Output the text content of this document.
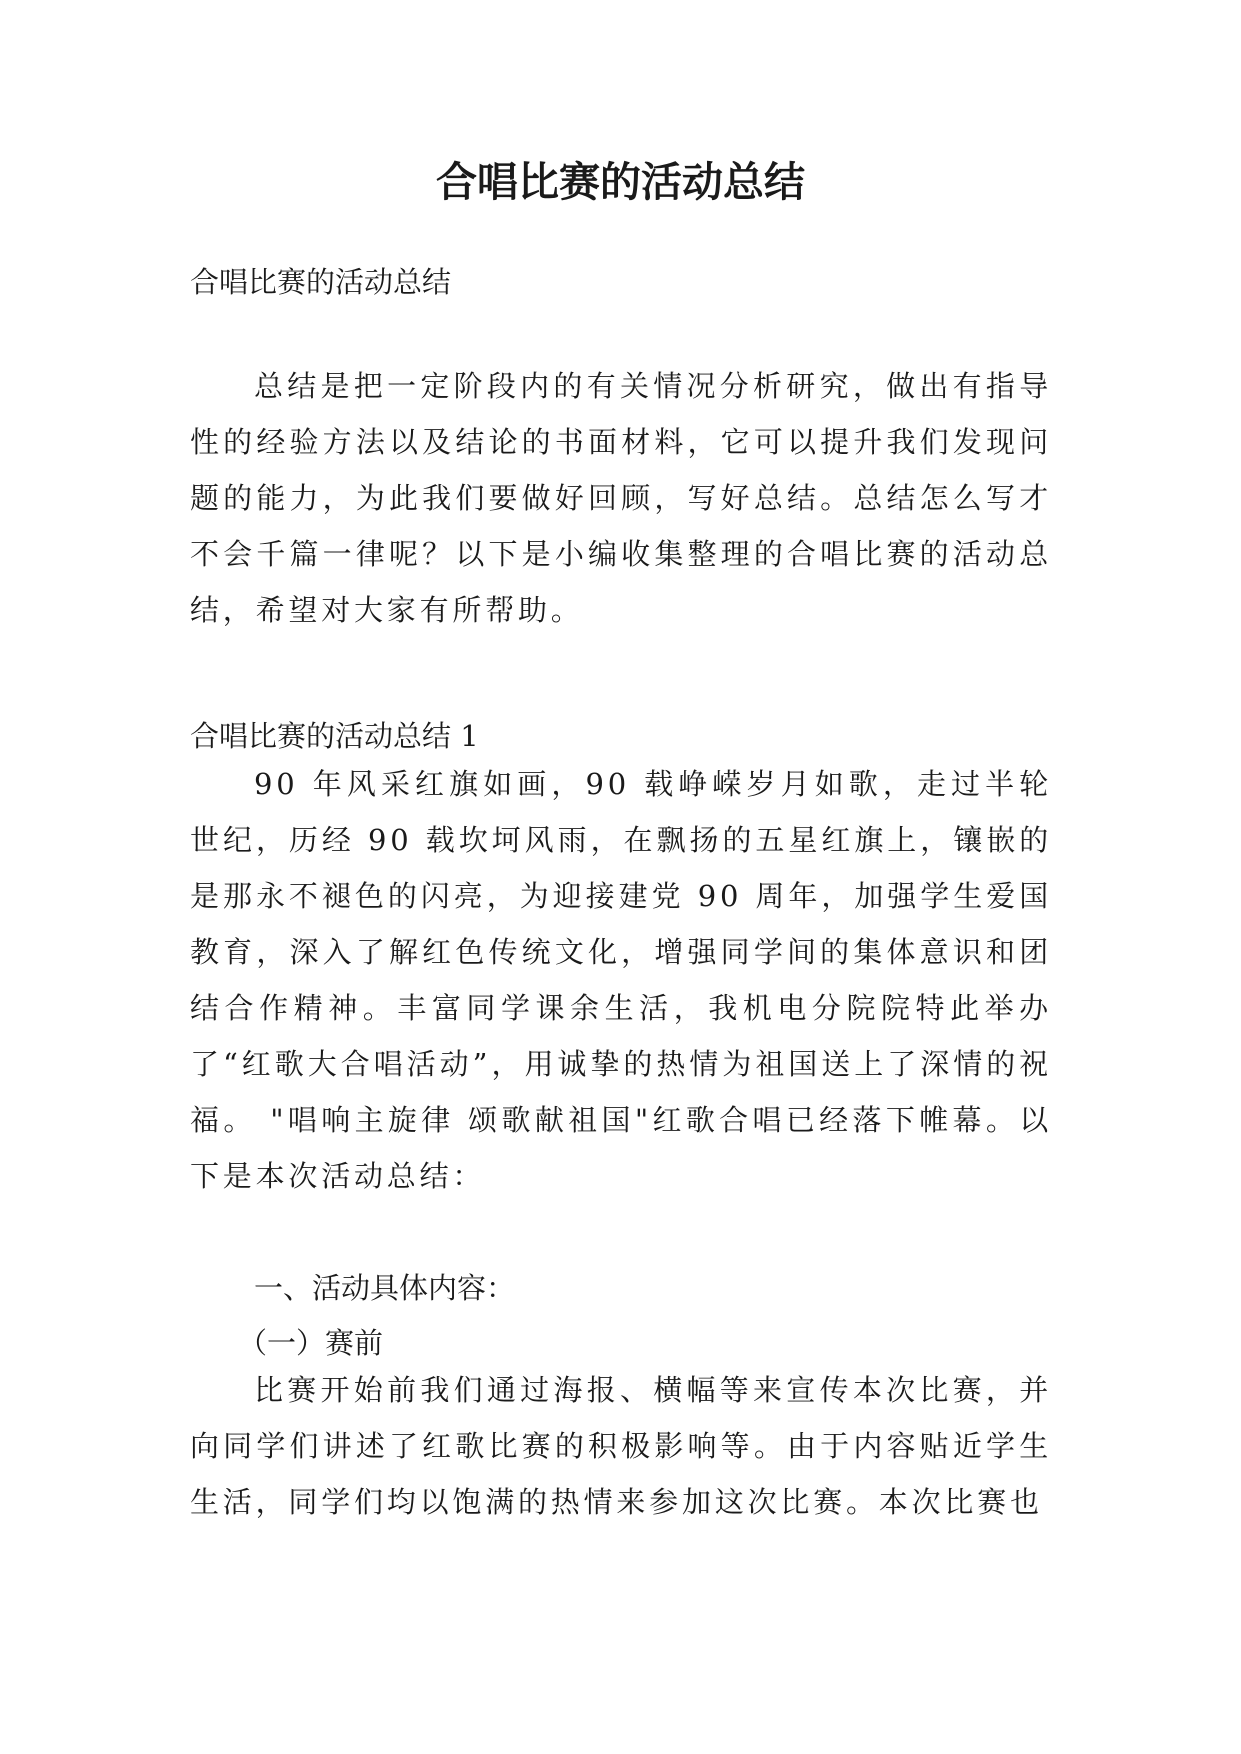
合唱比赛的活动总结

合唱比赛的活动总结

总结是把一定阶段内的有关情况分析研究，做出有指导性的经验方法以及结论的书面材料，它可以提升我们发现问题的能力，为此我们要做好回顾，写好总结。总结怎么写才不会千篇一律呢？以下是小编收集整理的合唱比赛的活动总结，希望对大家有所帮助。

合唱比赛的活动总结 1

90 年风采红旗如画，90 载峥嵘岁月如歌，走过半轮世纪，历经 90 载坎坷风雨，在飘扬的五星红旗上，镶嵌的是那永不褪色的闪亮，为迎接建党 90 周年，加强学生爱国教育，深入了解红色传统文化，增强同学间的集体意识和团结合作精神。丰富同学课余生活，我机电分院院特此举办了“红歌大合唱活动”，用诚挚的热情为祖国送上了深情的祝福。 "唱响主旋律 颂歌献祖国"红歌合唱已经落下帷幕。以下是本次活动总结：

一、活动具体内容：

（一）赛前

比赛开始前我们通过海报、横幅等来宣传本次比赛，并向同学们讲述了红歌比赛的积极影响等。由于内容贴近学生生活，同学们均以饱满的热情来参加这次比赛。本次比赛也
